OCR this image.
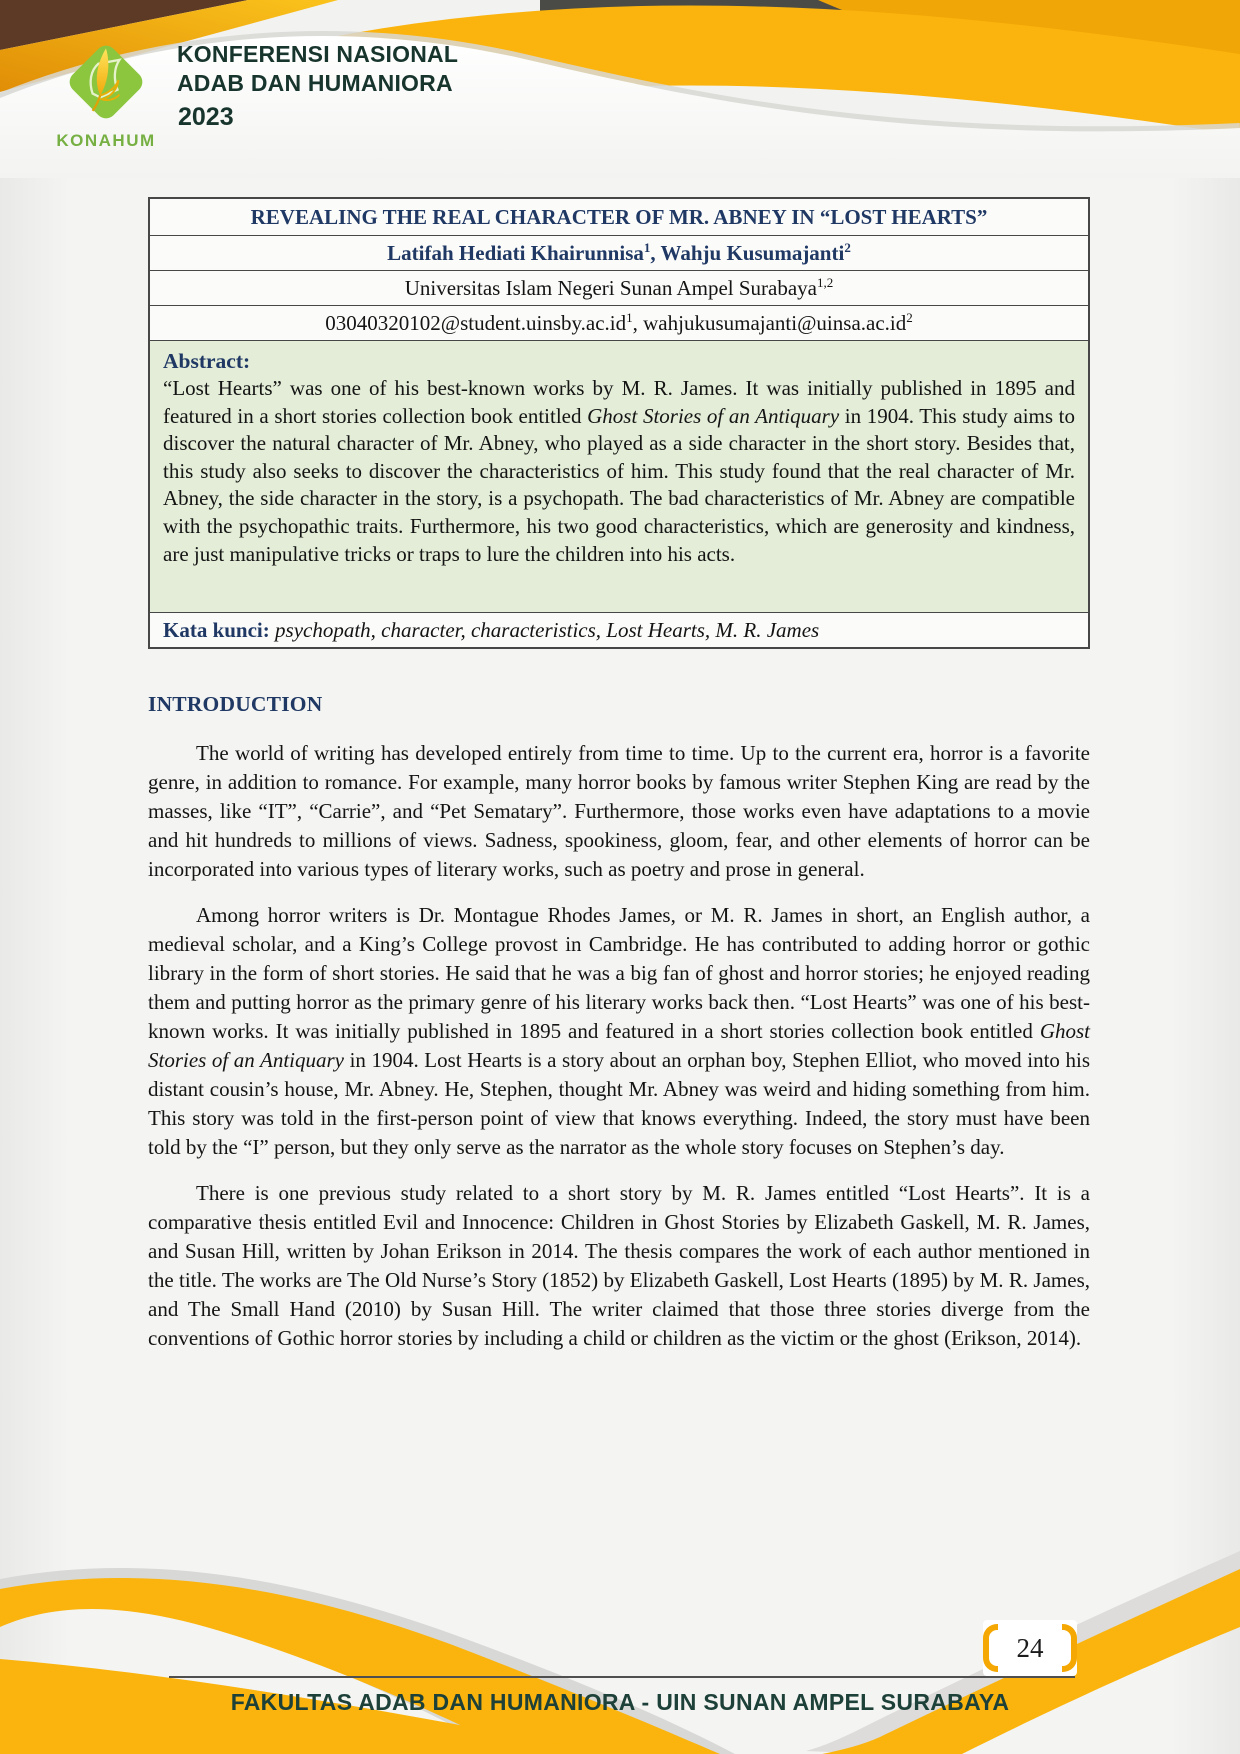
KONAHUM
KONFERENSI NASIONAL
ADAB DAN HUMANIORA
2023
REVEALING THE REAL CHARACTER OF MR. ABNEY IN “LOST HEARTS”
Latifah Hediati Khairunnisa$^1$, Wahju Kusumajanti$^2$
Universitas Islam Negeri Sunan Ampel Surabaya$^{1,2}$
$03040320102@student.uinsby.ac.id^1$, $wahjukusumajanti@uinsa.ac.id^2$
Abstract:
“Lost Hearts” was one of his best-known works by M. R. James. It was initially published in 1895 and featured in a short stories collection book entitled Ghost Stories of an Antiquary in 1904. This study aims to discover the natural character of Mr. Abney, who played as a side character in the short story. Besides that, this study also seeks to discover the characteristics of him. This study found that the real character of Mr. Abney, the side character in the story, is a psychopath. The bad characteristics of Mr. Abney are compatible with the psychopathic traits. Furthermore, his two good characteristics, which are generosity and kindness, are just manipulative tricks or traps to lure the children into his acts.
Kata kunci: psychopath, character, characteristics, Lost Hearts, M. R. James
INTRODUCTION

The world of writing has developed entirely from time to time. Up to the current era, horror is a favorite genre, in addition to romance. For example, many horror books by famous writer Stephen King are read by the masses, like “IT”, “Carrie”, and “Pet Sematary”. Furthermore, those works even have adaptations to a movie and hit hundreds to millions of views. Sadness, spookiness, gloom, fear, and other elements of horror can be incorporated into various types of literary works, such as poetry and prose in general.

Among horror writers is Dr. Montague Rhodes James, or M. R. James in short, an English author, a medieval scholar, and a King’s College provost in Cambridge. He has contributed to adding horror or gothic library in the form of short stories. He said that he was a big fan of ghost and horror stories; he enjoyed reading them and putting horror as the primary genre of his literary works back then. “Lost Hearts” was one of his best-known works. It was initially published in 1895 and featured in a short stories collection book entitled Ghost Stories of an Antiquary in 1904. Lost Hearts is a story about an orphan boy, Stephen Elliot, who moved into his distant cousin’s house, Mr. Abney. He, Stephen, thought Mr. Abney was weird and hiding something from him. This story was told in the first-person point of view that knows everything. Indeed, the story must have been told by the “I” person, but they only serve as the narrator as the whole story focuses on Stephen’s day.

There is one previous study related to a short story by M. R. James entitled “Lost Hearts”. It is a comparative thesis entitled Evil and Innocence: Children in Ghost Stories by Elizabeth Gaskell, M. R. James, and Susan Hill, written by Johan Erikson in 2014. The thesis compares the work of each author mentioned in the title. The works are The Old Nurse’s Story (1852) by Elizabeth Gaskell, Lost Hearts (1895) by M. R. James, and The Small Hand (2010) by Susan Hill. The writer claimed that those three stories diverge from the conventions of Gothic horror stories by including a child or children as the victim or the ghost (Erikson, 2014).

24
FAKULTAS ADAB DAN HUMANIORA - UIN SUNAN AMPEL SURABAYA
